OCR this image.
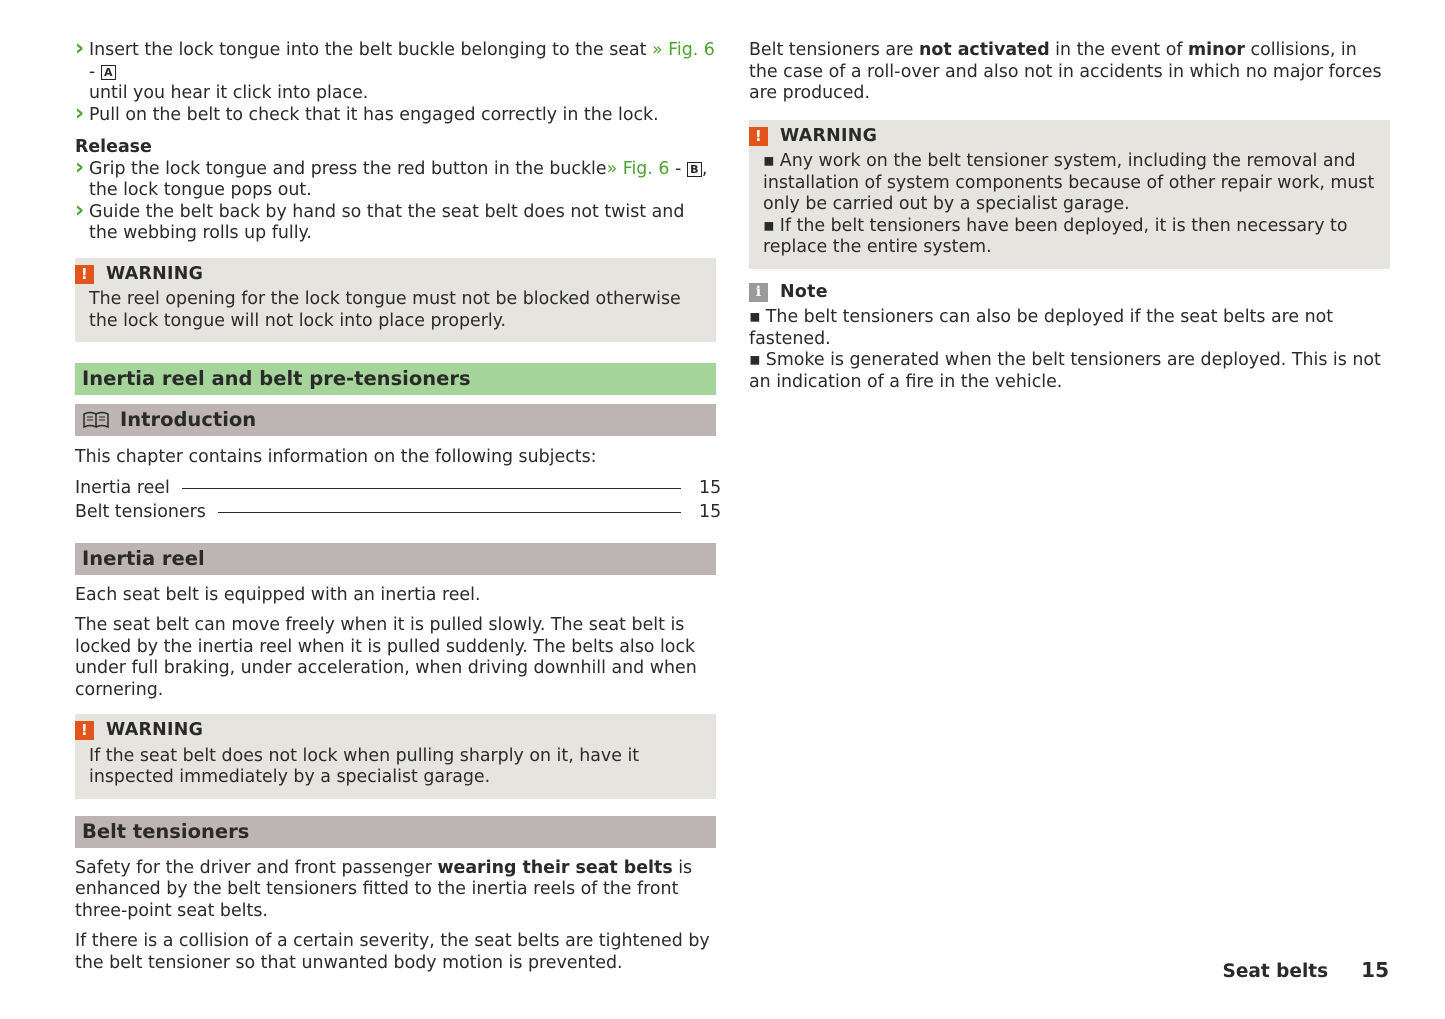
› Insert the lock tongue into the belt buckle belonging to the seat » Fig. 6 - A
until you hear it click into place.
› Pull on the belt to check that it has engaged correctly in the lock.
Release
› Grip the lock tongue and press the red button in the buckle» Fig. 6 - B , the lock tongue pops out.
› Guide the belt back by hand so that the seat belt does not twist and the webbing rolls up fully.
!	WARNING
The reel opening for the lock tongue must not be blocked otherwise the lock tongue will not lock into place properly.
Inertia reel and belt pre-tensioners
Introduction

This chapter contains information on the following subjects:

Inertia reel	15
Belt tensioners	15
Inertia reel

Each seat belt is equipped with an inertia reel.

The seat belt can move freely when it is pulled slowly. The seat belt is locked by the inertia reel when it is pulled suddenly. The belts also lock under full braking, under acceleration, when driving downhill and when cornering.

!	WARNING
If the seat belt does not lock when pulling sharply on it, have it inspected immediately by a specialist garage.
Belt tensioners

Safety for the driver and front passenger wearing their seat belts is enhanced by the belt tensioners fitted to the inertia reels of the front three-point seat belts.

If there is a collision of a certain severity, the seat belts are tightened by the belt tensioner so that unwanted body motion is prevented.

Belt tensioners are not activated in the event of minor collisions, in the case of a roll-over and also not in accidents in which no major forces are produced.

!	WARNING
▪ Any work on the belt tensioner system, including the removal and installation of system components because of other repair work, must only be carried out by a specialist garage.
▪ If the belt tensioners have been deployed, it is then necessary to replace the entire system.
i	Note
▪ The belt tensioners can also be deployed if the seat belts are not fastened.
▪ Smoke is generated when the belt tensioners are deployed. This is not an indication of a fire in the vehicle.
Seat belts 15
